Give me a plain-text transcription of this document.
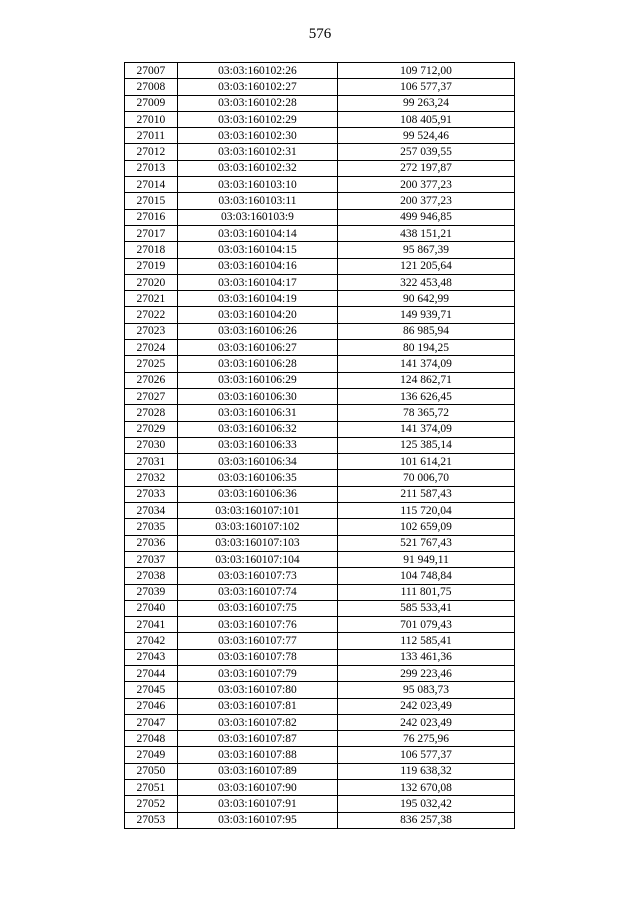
576
27007	03:03:160102:26	109 712,00
27008	03:03:160102:27	106 577,37
27009	03:03:160102:28	99 263,24
27010	03:03:160102:29	108 405,91
27011	03:03:160102:30	99 524,46
27012	03:03:160102:31	257 039,55
27013	03:03:160102:32	272 197,87
27014	03:03:160103:10	200 377,23
27015	03:03:160103:11	200 377,23
27016	03:03:160103:9	499 946,85
27017	03:03:160104:14	438 151,21
27018	03:03:160104:15	95 867,39
27019	03:03:160104:16	121 205,64
27020	03:03:160104:17	322 453,48
27021	03:03:160104:19	90 642,99
27022	03:03:160104:20	149 939,71
27023	03:03:160106:26	86 985,94
27024	03:03:160106:27	80 194,25
27025	03:03:160106:28	141 374,09
27026	03:03:160106:29	124 862,71
27027	03:03:160106:30	136 626,45
27028	03:03:160106:31	78 365,72
27029	03:03:160106:32	141 374,09
27030	03:03:160106:33	125 385,14
27031	03:03:160106:34	101 614,21
27032	03:03:160106:35	70 006,70
27033	03:03:160106:36	211 587,43
27034	03:03:160107:101	115 720,04
27035	03:03:160107:102	102 659,09
27036	03:03:160107:103	521 767,43
27037	03:03:160107:104	91 949,11
27038	03:03:160107:73	104 748,84
27039	03:03:160107:74	111 801,75
27040	03:03:160107:75	585 533,41
27041	03:03:160107:76	701 079,43
27042	03:03:160107:77	112 585,41
27043	03:03:160107:78	133 461,36
27044	03:03:160107:79	299 223,46
27045	03:03:160107:80	95 083,73
27046	03:03:160107:81	242 023,49
27047	03:03:160107:82	242 023,49
27048	03:03:160107:87	76 275,96
27049	03:03:160107:88	106 577,37
27050	03:03:160107:89	119 638,32
27051	03:03:160107:90	132 670,08
27052	03:03:160107:91	195 032,42
27053	03:03:160107:95	836 257,38
